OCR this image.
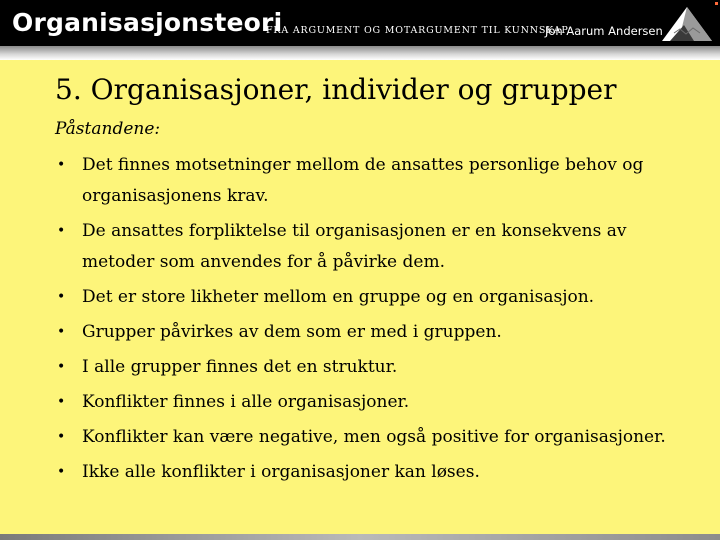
Organisasjonsteori
FRA ARGUMENT OG MOTARGUMENT TIL KUNNSKAP
Jon Aarum Andersen
5. Organisasjoner, individer og grupper
Påstandene:
• Det finnes motsetninger mellom de ansattes personlige behov og organisasjonens krav.
• De ansattes forpliktelse til organisasjonen er en konsekvens av metoder som anvendes for å påvirke dem.
• Det er store likheter mellom en gruppe og en organisasjon.
• Grupper påvirkes av dem som er med i gruppen.
• I alle grupper finnes det en struktur.
• Konflikter finnes i alle organisasjoner.
• Konflikter kan være negative, men også positive for organisasjoner.
• Ikke alle konflikter i organisasjoner kan løses.
